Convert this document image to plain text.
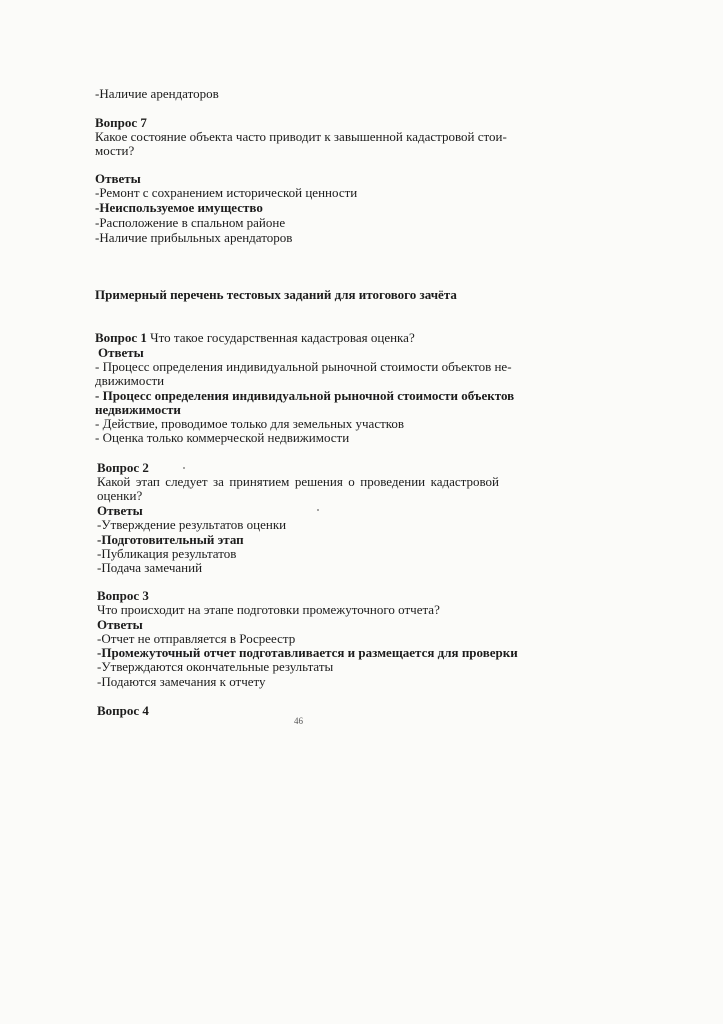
-Наличие арендаторов
Вопрос 7
Какое состояние объекта часто приводит к завышенной кадастровой стои-
мости?
Ответы
-Ремонт с сохранением исторической ценности
-Неиспользуемое имущество
-Расположение в спальном районе
-Наличие прибыльных арендаторов
Примерный перечень тестовых заданий для итогового зачёта
Вопрос 1 Что такое государственная кадастровая оценка?
Ответы
- Процесс определения индивидуальной рыночной стоимости объектов не-
движимости
- Процесс определения индивидуальной рыночной стоимости объектов
недвижимости
- Действие, проводимое только для земельных участков
- Оценка только коммерческой недвижимости
Вопрос 2
Какой этап следует за принятием решения о проведении кадастровой
оценки?
Ответы
-Утверждение результатов оценки
-Подготовительный этап
-Публикация результатов
-Подача замечаний
Вопрос 3
Что происходит на этапе подготовки промежуточного отчета?
Ответы
-Отчет не отправляется в Росреестр
-Промежуточный отчет подготавливается и размещается для проверки
-Утверждаются окончательные результаты
-Подаются замечания к отчету
Вопрос 4
46
